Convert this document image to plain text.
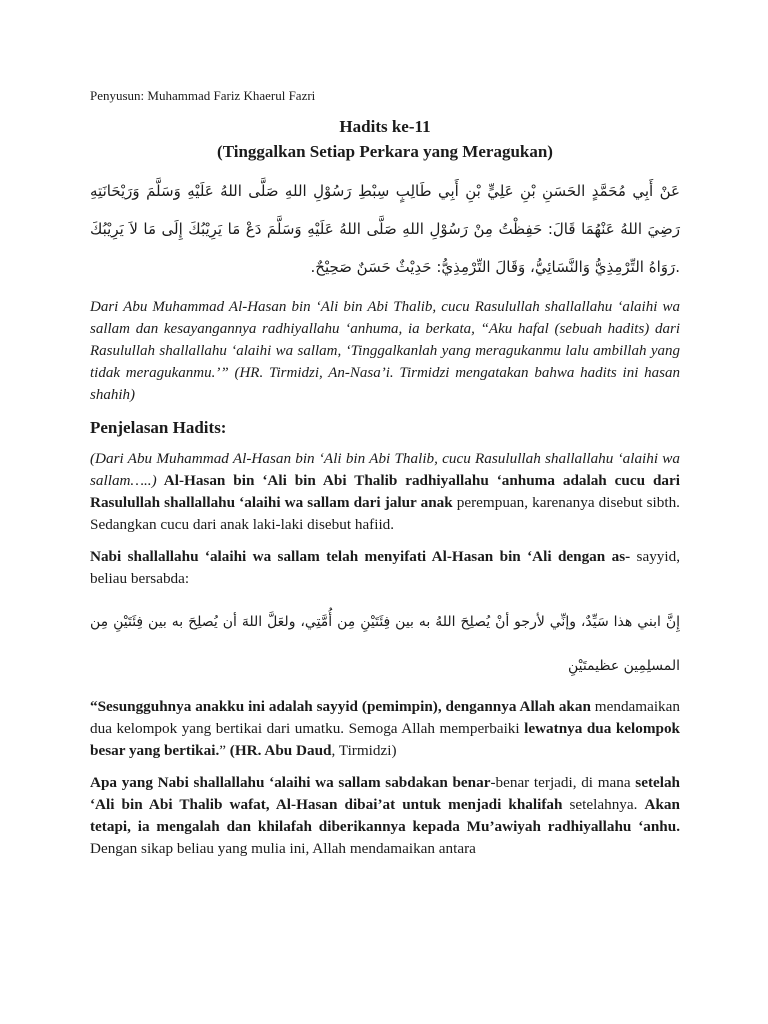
Penyusun: Muhammad Fariz Khaerul Fazri
Hadits ke-11
(Tinggalkan Setiap Perkara yang Meragukan)
عَنْ أَبِي مُحَمَّدٍ الحَسَنِ بْنِ عَلِيٍّ بْنِ أَبِي طَالِبٍ سِبْطِ رَسُوْلِ اللهِ صَلَّى اللهُ عَلَيْهِ وَسَلَّمَ وَرَيْحَانَتِهِ رَضِيَ اللهُ عَنْهُمَا قَالَ: حَفِظْتُ مِنْ رَسُوْلِ اللهِ صَلَّى اللهُ عَلَيْهِ وَسَلَّمَ دَعْ مَا يَرِيْبُكَ إِلَى مَا لاَ يَرِيْبُكَ .رَوَاهُ التِّرْمِذِيُّ وَالنَّسَائِيُّ، وَقَالَ التِّرْمِذِيُّ: حَدِيْثٌ حَسَنٌ صَحِيْحٌ.
Dari Abu Muhammad Al-Hasan bin ‘Ali bin Abi Thalib, cucu Rasulullah shallallahu ‘alaihi wa sallam dan kesayangannya radhiyallahu ‘anhuma, ia berkata, “Aku hafal (sebuah hadits) dari Rasulullah shallallahu ‘alaihi wa sallam, ‘Tinggalkanlah yang meragukanmu lalu ambillah yang tidak meragukanmu.’” (HR. Tirmidzi, An-Nasa’i. Tirmidzi mengatakan bahwa hadits ini hasan shahih)
Penjelasan Hadits:

(Dari Abu Muhammad Al-Hasan bin ‘Ali bin Abi Thalib, cucu Rasulullah shallallahu ‘alaihi wa sallam…..) Al-Hasan bin ‘Ali bin Abi Thalib radhiyallahu ‘anhuma adalah cucu dari Rasulullah shallallahu ‘alaihi wa sallam dari jalur anak perempuan, karenanya disebut sibth. Sedangkan cucu dari anak laki-laki disebut hafiid.

Nabi shallallahu ‘alaihi wa sallam telah menyifati Al-Hasan bin ‘Ali dengan as- sayyid, beliau bersabda:

إِنَّ ابني هذا سَيِّدٌ، وإنِّي لأرجو أنْ يُصلِحَ اللهُ به بين فِئَتَيْنِ مِن أُمَّتِي، ولعَلَّ اللهَ أن يُصلِحَ به بين فِئَتَيْنِ مِن المسلِمِين عظيمتَيْنِ

“Sesungguhnya anakku ini adalah sayyid (pemimpin), dengannya Allah akan mendamaikan dua kelompok yang bertikai dari umatku. Semoga Allah memperbaiki lewatnya dua kelompok besar yang bertikai.” (HR. Abu Daud, Tirmidzi)

Apa yang Nabi shallallahu ‘alaihi wa sallam sabdakan benar-benar terjadi, di mana setelah ‘Ali bin Abi Thalib wafat, Al-Hasan dibai’at untuk menjadi khalifah setelahnya. Akan tetapi, ia mengalah dan khilafah diberikannya kepada Mu’awiyah radhiyallahu ‘anhu. Dengan sikap beliau yang mulia ini, Allah mendamaikan antara
